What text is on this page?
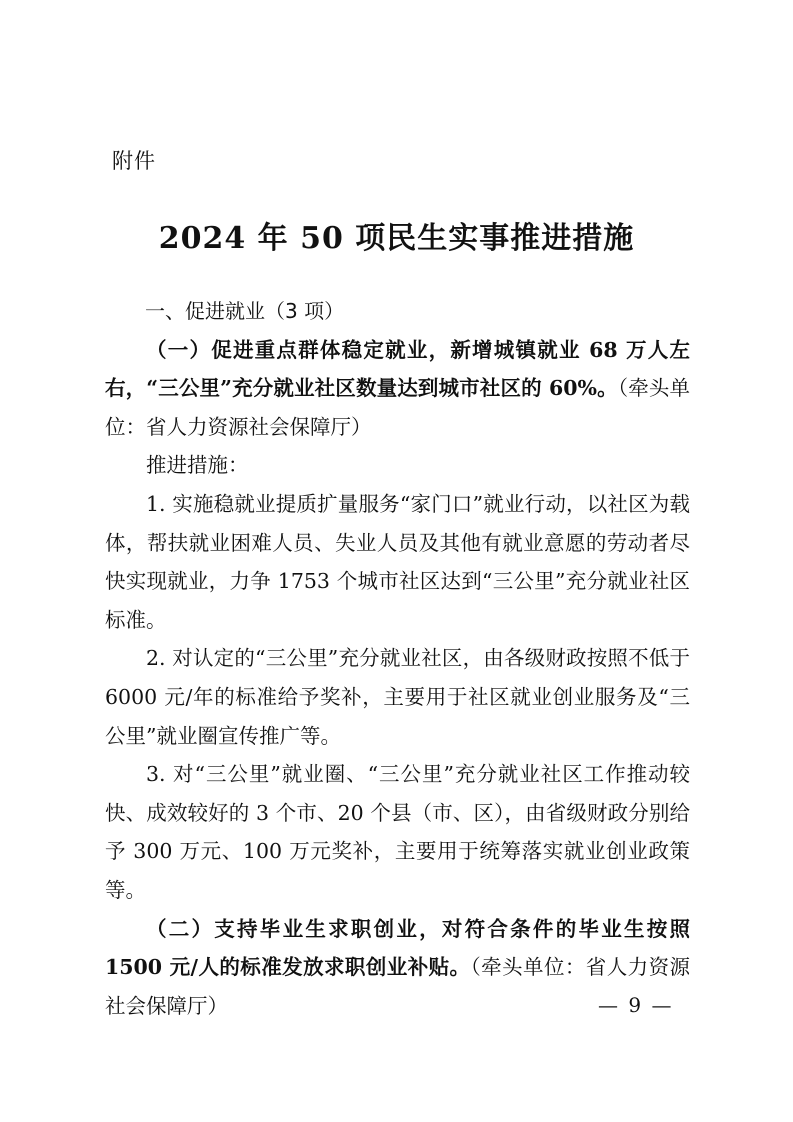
附件
2024 年 50 项民生实事推进措施

一、促进就业（3 项）

（一）促进重点群体稳定就业，新增城镇就业 68 万人左右，“三公里”充分就业社区数量达到城市社区的 60%。（牵头单位：省人力资源社会保障厅）

推进措施：

1. 实施稳就业提质扩量服务“家门口”就业行动，以社区为载体，帮扶就业困难人员、失业人员及其他有就业意愿的劳动者尽快实现就业，力争 1753 个城市社区达到“三公里”充分就业社区标准。

2. 对认定的“三公里”充分就业社区，由各级财政按照不低于 6000 元/年的标准给予奖补，主要用于社区就业创业服务及“三公里”就业圈宣传推广等。

3. 对“三公里”就业圈、“三公里”充分就业社区工作推动较快、成效较好的 3 个市、20 个县（市、区），由省级财政分别给予 300 万元、100 万元奖补，主要用于统筹落实就业创业政策等。

（二）支持毕业生求职创业，对符合条件的毕业生按照 1500 元/人的标准发放求职创业补贴。（牵头单位：省人力资源社会保障厅）	— 9 —
